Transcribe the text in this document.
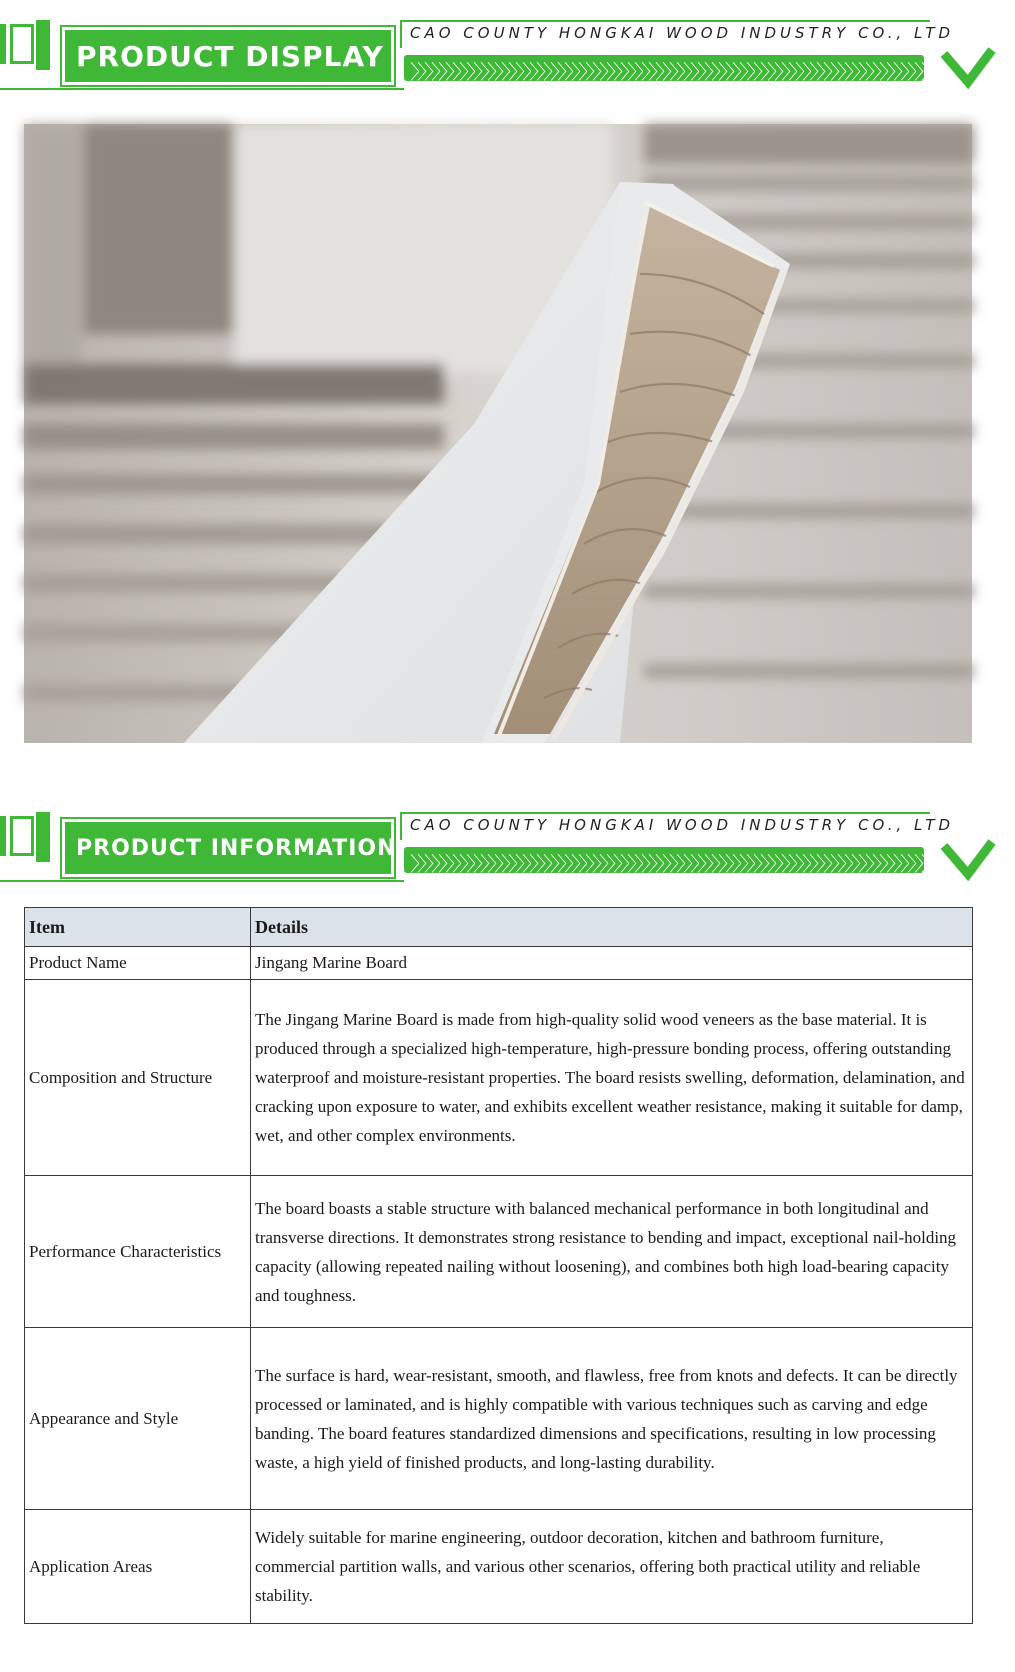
PRODUCT DISPLAY
CAO COUNTY HONGKAI WOOD INDUSTRY CO., LTD
〉〉〉〉〉〉〉〉〉〉〉〉〉〉〉〉〉〉〉〉〉〉〉〉〉〉〉〉〉〉〉〉〉〉〉〉〉〉〉〉〉〉〉〉〉〉〉〉〉〉〉〉〉〉〉〉〉〉〉〉〉〉〉〉〉〉〉〉〉〉〉〉〉〉〉〉〉〉〉〉〉〉〉〉〉
PRODUCT INFORMATION
CAO COUNTY HONGKAI WOOD INDUSTRY CO., LTD
〉〉〉〉〉〉〉〉〉〉〉〉〉〉〉〉〉〉〉〉〉〉〉〉〉〉〉〉〉〉〉〉〉〉〉〉〉〉〉〉〉〉〉〉〉〉〉〉〉〉〉〉〉〉〉〉〉〉〉〉〉〉〉〉〉〉〉〉〉〉〉〉〉〉〉〉〉〉〉〉〉〉〉〉〉
Item	Details
Product Name	Jingang Marine Board
Composition and Structure	The Jingang Marine Board is made from high-quality solid wood veneers as the base material. It is produced through a specialized high-temperature, high-pressure bonding process, offering outstanding waterproof and moisture-resistant properties. The board resists swelling, deformation, delamination, and cracking upon exposure to water, and exhibits excellent weather resistance, making it suitable for damp, wet, and other complex environments.
Performance Characteristics	The board boasts a stable structure with balanced mechanical performance in both longitudinal and transverse directions. It demonstrates strong resistance to bending and impact, exceptional nail-holding capacity (allowing repeated nailing without loosening), and combines both high load-bearing capacity and toughness.
Appearance and Style	The surface is hard, wear-resistant, smooth, and flawless, free from knots and defects. It can be directly processed or laminated, and is highly compatible with various techniques such as carving and edge banding. The board features standardized dimensions and specifications, resulting in low processing waste, a high yield of finished products, and long-lasting durability.
Application Areas	Widely suitable for marine engineering, outdoor decoration, kitchen and bathroom furniture, commercial partition walls, and various other scenarios, offering both practical utility and reliable stability.
